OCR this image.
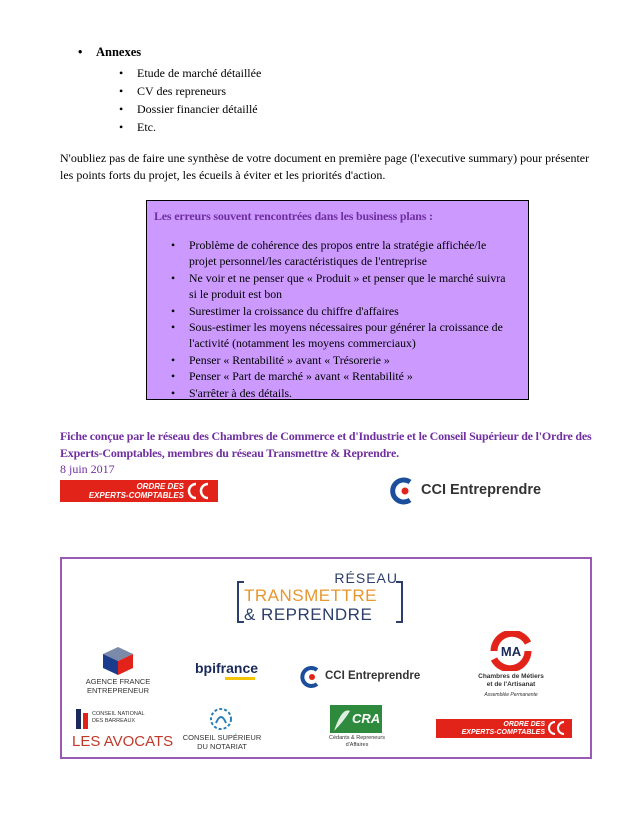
• Annexes
• Etude de marché détaillée
• CV des repreneurs
• Dossier financier détaillé
• Etc.
N'oubliez pas de faire une synthèse de votre document en première page (l'executive summary) pour présenter les points forts du projet, les écueils à éviter et les priorités d'action.
Les erreurs souvent rencontrées dans les business plans :
• Problème de cohérence des propos entre la stratégie affichée/le projet personnel/les caractéristiques de l'entreprise
• Ne voir et ne penser que « Produit » et penser que le marché suivra si le produit est bon
• Surestimer la croissance du chiffre d'affaires
• Sous-estimer les moyens nécessaires pour générer la croissance de l'activité (notamment les moyens commerciaux)
• Penser « Rentabilité » avant « Trésorerie »
• Penser « Part de marché » avant « Rentabilité »
• S'arrêter à des détails.
Fiche conçue par le réseau des Chambres de Commerce et d'Industrie et le Conseil Supérieur de l'Ordre des Experts-Comptables, membres du réseau Transmettre & Reprendre.
8 juin 2017
ORDRE DES
EXPERTS-COMPTABLES	CCI Entreprendre
RÉSEAU
TRANSMETTRE
& REPRENDRE
AGENCE FRANCE
ENTREPRENEUR
bpifrance	CCI Entreprendre
MA
Chambres de Métiers
et de l'Artisanat
Assemblée Permanente
CONSEIL NATIONAL
DES BARREAUX
LES AVOCATS	CONSEIL SUPÉRIEUR
DU NOTARIAT
CRA
Cédants & Repreneurs
d'Affaires
ORDRE DES
EXPERTS-COMPTABLES
